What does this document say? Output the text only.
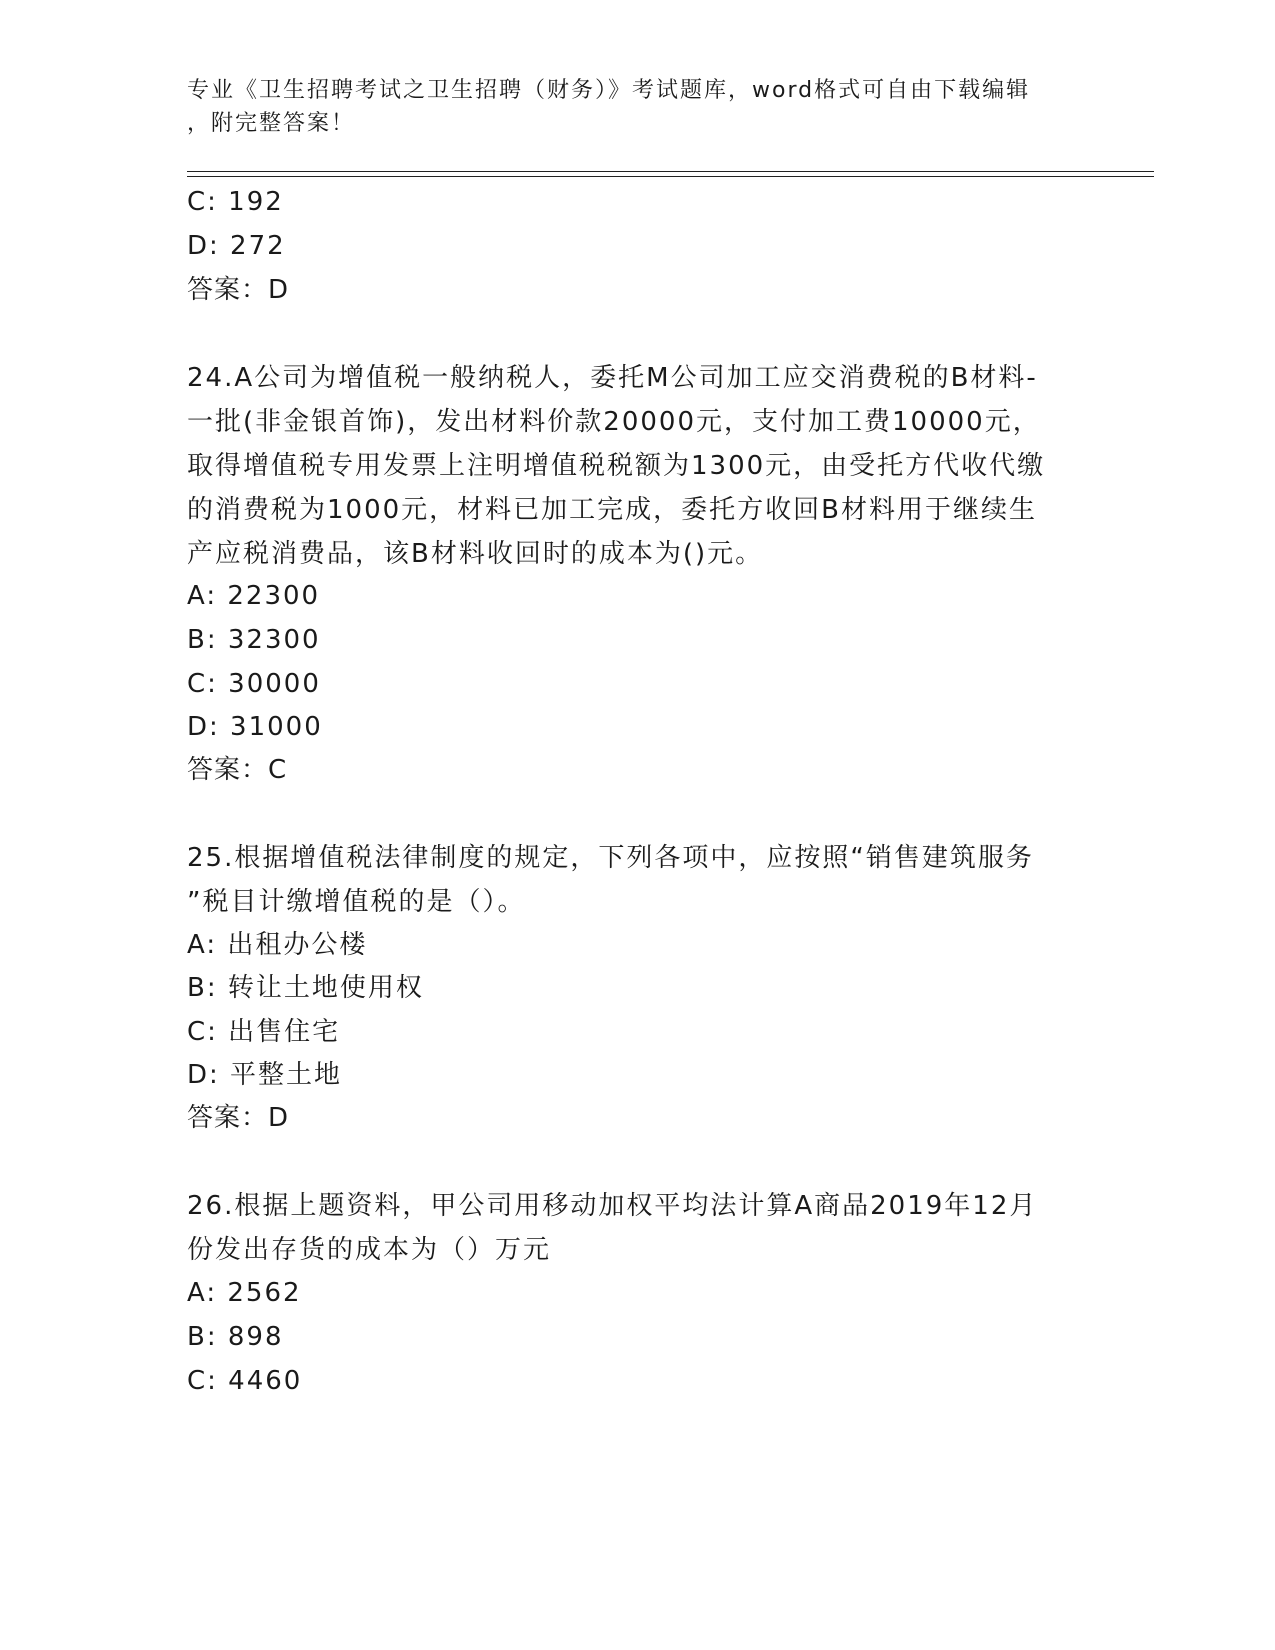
专业《卫生招聘考试之卫生招聘（财务）》考试题库，word格式可自由下载编辑
，附完整答案！
C: 192
D: 272
答案：D
24.A公司为增值税一般纳税人，委托M公司加工应交消费税的B材料-
一批(非金银首饰)，发出材料价款20000元，支付加工费10000元，
取得增值税专用发票上注明增值税税额为1300元，由受托方代收代缴
的消费税为1000元，材料已加工完成，委托方收回B材料用于继续生
产应税消费品，该B材料收回时的成本为()元。
A: 22300
B: 32300
C: 30000
D: 31000
答案：C
25.根据增值税法律制度的规定，下列各项中，应按照“销售建筑服务
”税目计缴增值税的是（）。
A: 出租办公楼
B: 转让土地使用权
C: 出售住宅
D: 平整土地
答案：D
26.根据上题资料，甲公司用移动加权平均法计算A商品2019年12月
份发出存货的成本为（）万元
A: 2562
B: 898
C: 4460
